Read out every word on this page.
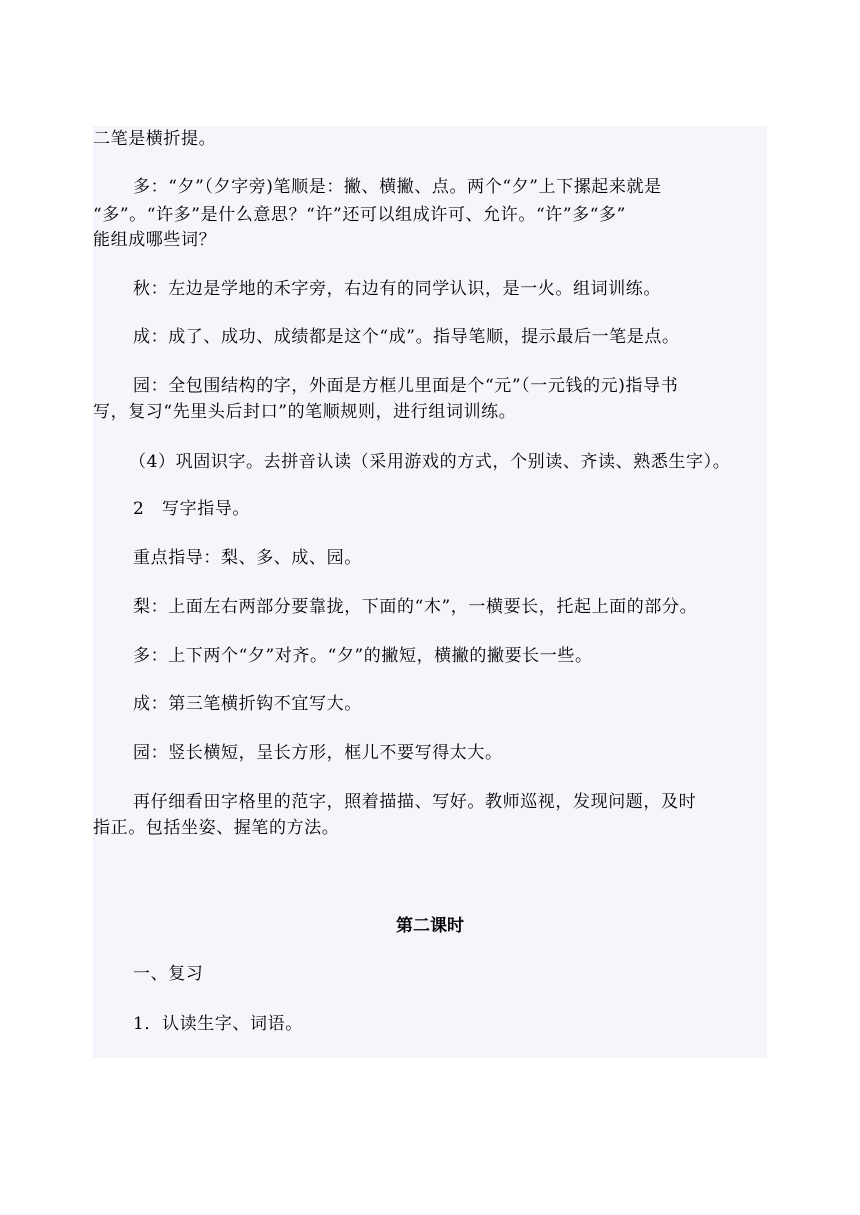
二笔是横折提。

多：“夕”（夕字旁)笔顺是：撇、横撇、点。两个“夕”上下摞起来就是

“多”。“许多”是什么意思？“许”还可以组成许可、允许。“许”多“多”

能组成哪些词？

秋：左边是学地的禾字旁，右边有的同学认识，是一火。组词训练。

成：成了、成功、成绩都是这个“成”。指导笔顺，提示最后一笔是点。

园：全包围结构的字，外面是方框儿里面是个“元”（一元钱的元)指导书

写，复习“先里头后封口”的笔顺规则，进行组词训练。

（4）巩固识字。去拼音认读（采用游戏的方式，个别读、齐读、熟悉生字）。

2　写字指导。

重点指导：梨、多、成、园。

梨：上面左右两部分要靠拢，下面的“木”，一横要长，托起上面的部分。

多：上下两个“夕”对齐。“夕”的撇短，横撇的撇要长一些。

成：第三笔横折钩不宜写大。

园：竖长横短，呈长方形，框儿不要写得太大。

再仔细看田字格里的范字，照着描描、写好。教师巡视，发现问题，及时

指正。包括坐姿、握笔的方法。

第二课时

一、复习

1．认读生字、词语。
